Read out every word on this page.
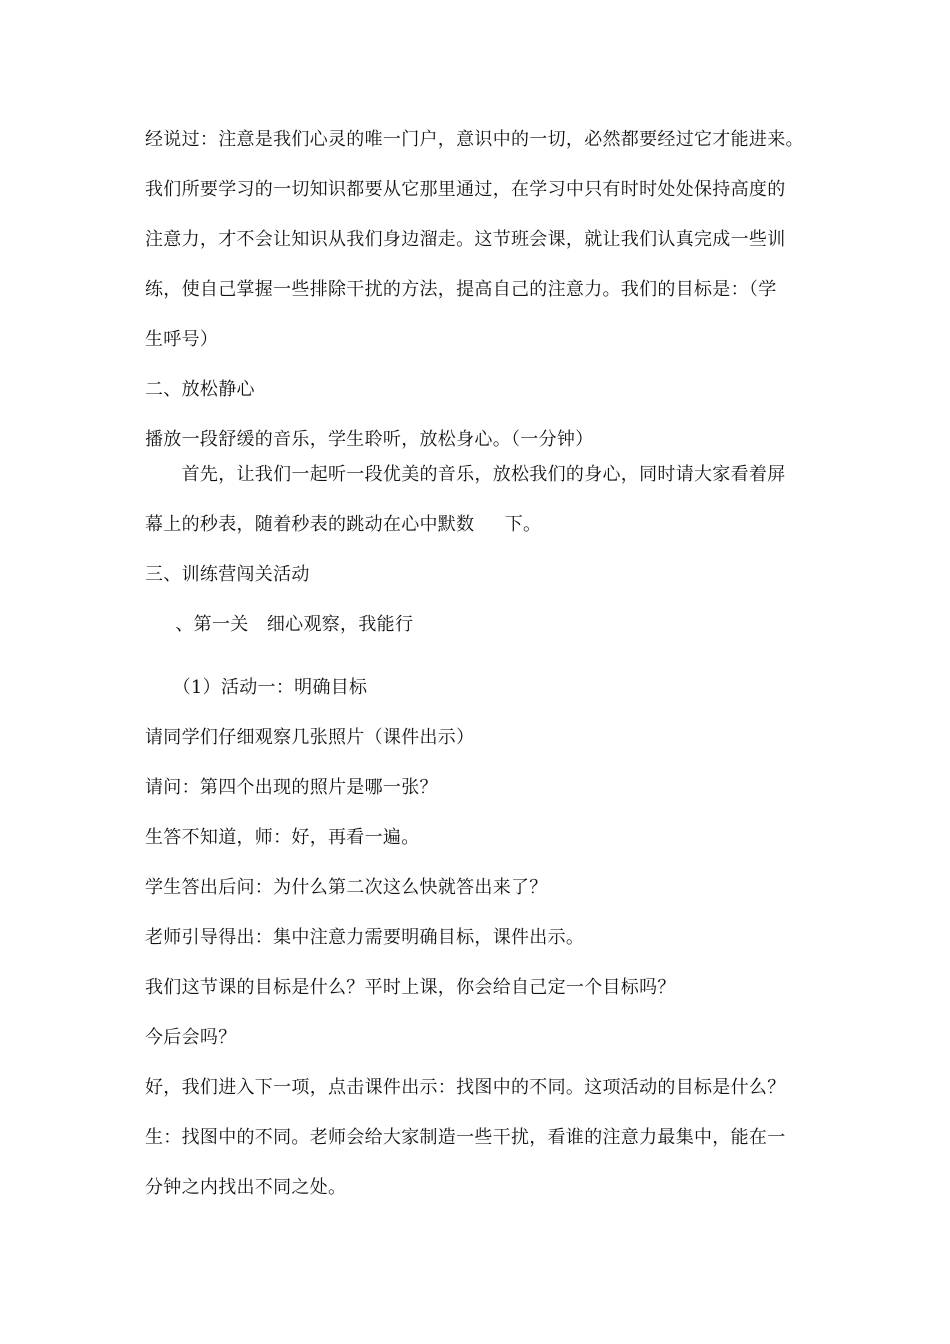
经说过：注意是我们心灵的唯一门户，意识中的一切，必然都要经过它才能进来。
我们所要学习的一切知识都要从它那里通过，在学习中只有时时处处保持高度的
注意力，才不会让知识从我们身边溜走。这节班会课，就让我们认真完成一些训
练，使自己掌握一些排除干扰的方法，提高自己的注意力。我们的目标是：（学
生呼号）
二、放松静心
播放一段舒缓的音乐，学生聆听，放松身心。（一分钟）
　　首先，让我们一起听一段优美的音乐，放松我们的身心，同时请大家看着屏
幕上的秒表，随着秒表的跳动在心中默数　  下。
三、训练营闯关活动
　  、第一关　细心观察，我能行
　　（1）活动一：明确目标
请同学们仔细观察几张照片（课件出示）
请问：第四个出现的照片是哪一张？
生答不知道，师：好，再看一遍。
学生答出后问：为什么第二次这么快就答出来了？
老师引导得出：集中注意力需要明确目标，课件出示。
我们这节课的目标是什么？平时上课，你会给自己定一个目标吗？
今后会吗？
好，我们进入下一项，点击课件出示：找图中的不同。这项活动的目标是什么？
生：找图中的不同。老师会给大家制造一些干扰，看谁的注意力最集中，能在一
分钟之内找出不同之处。
